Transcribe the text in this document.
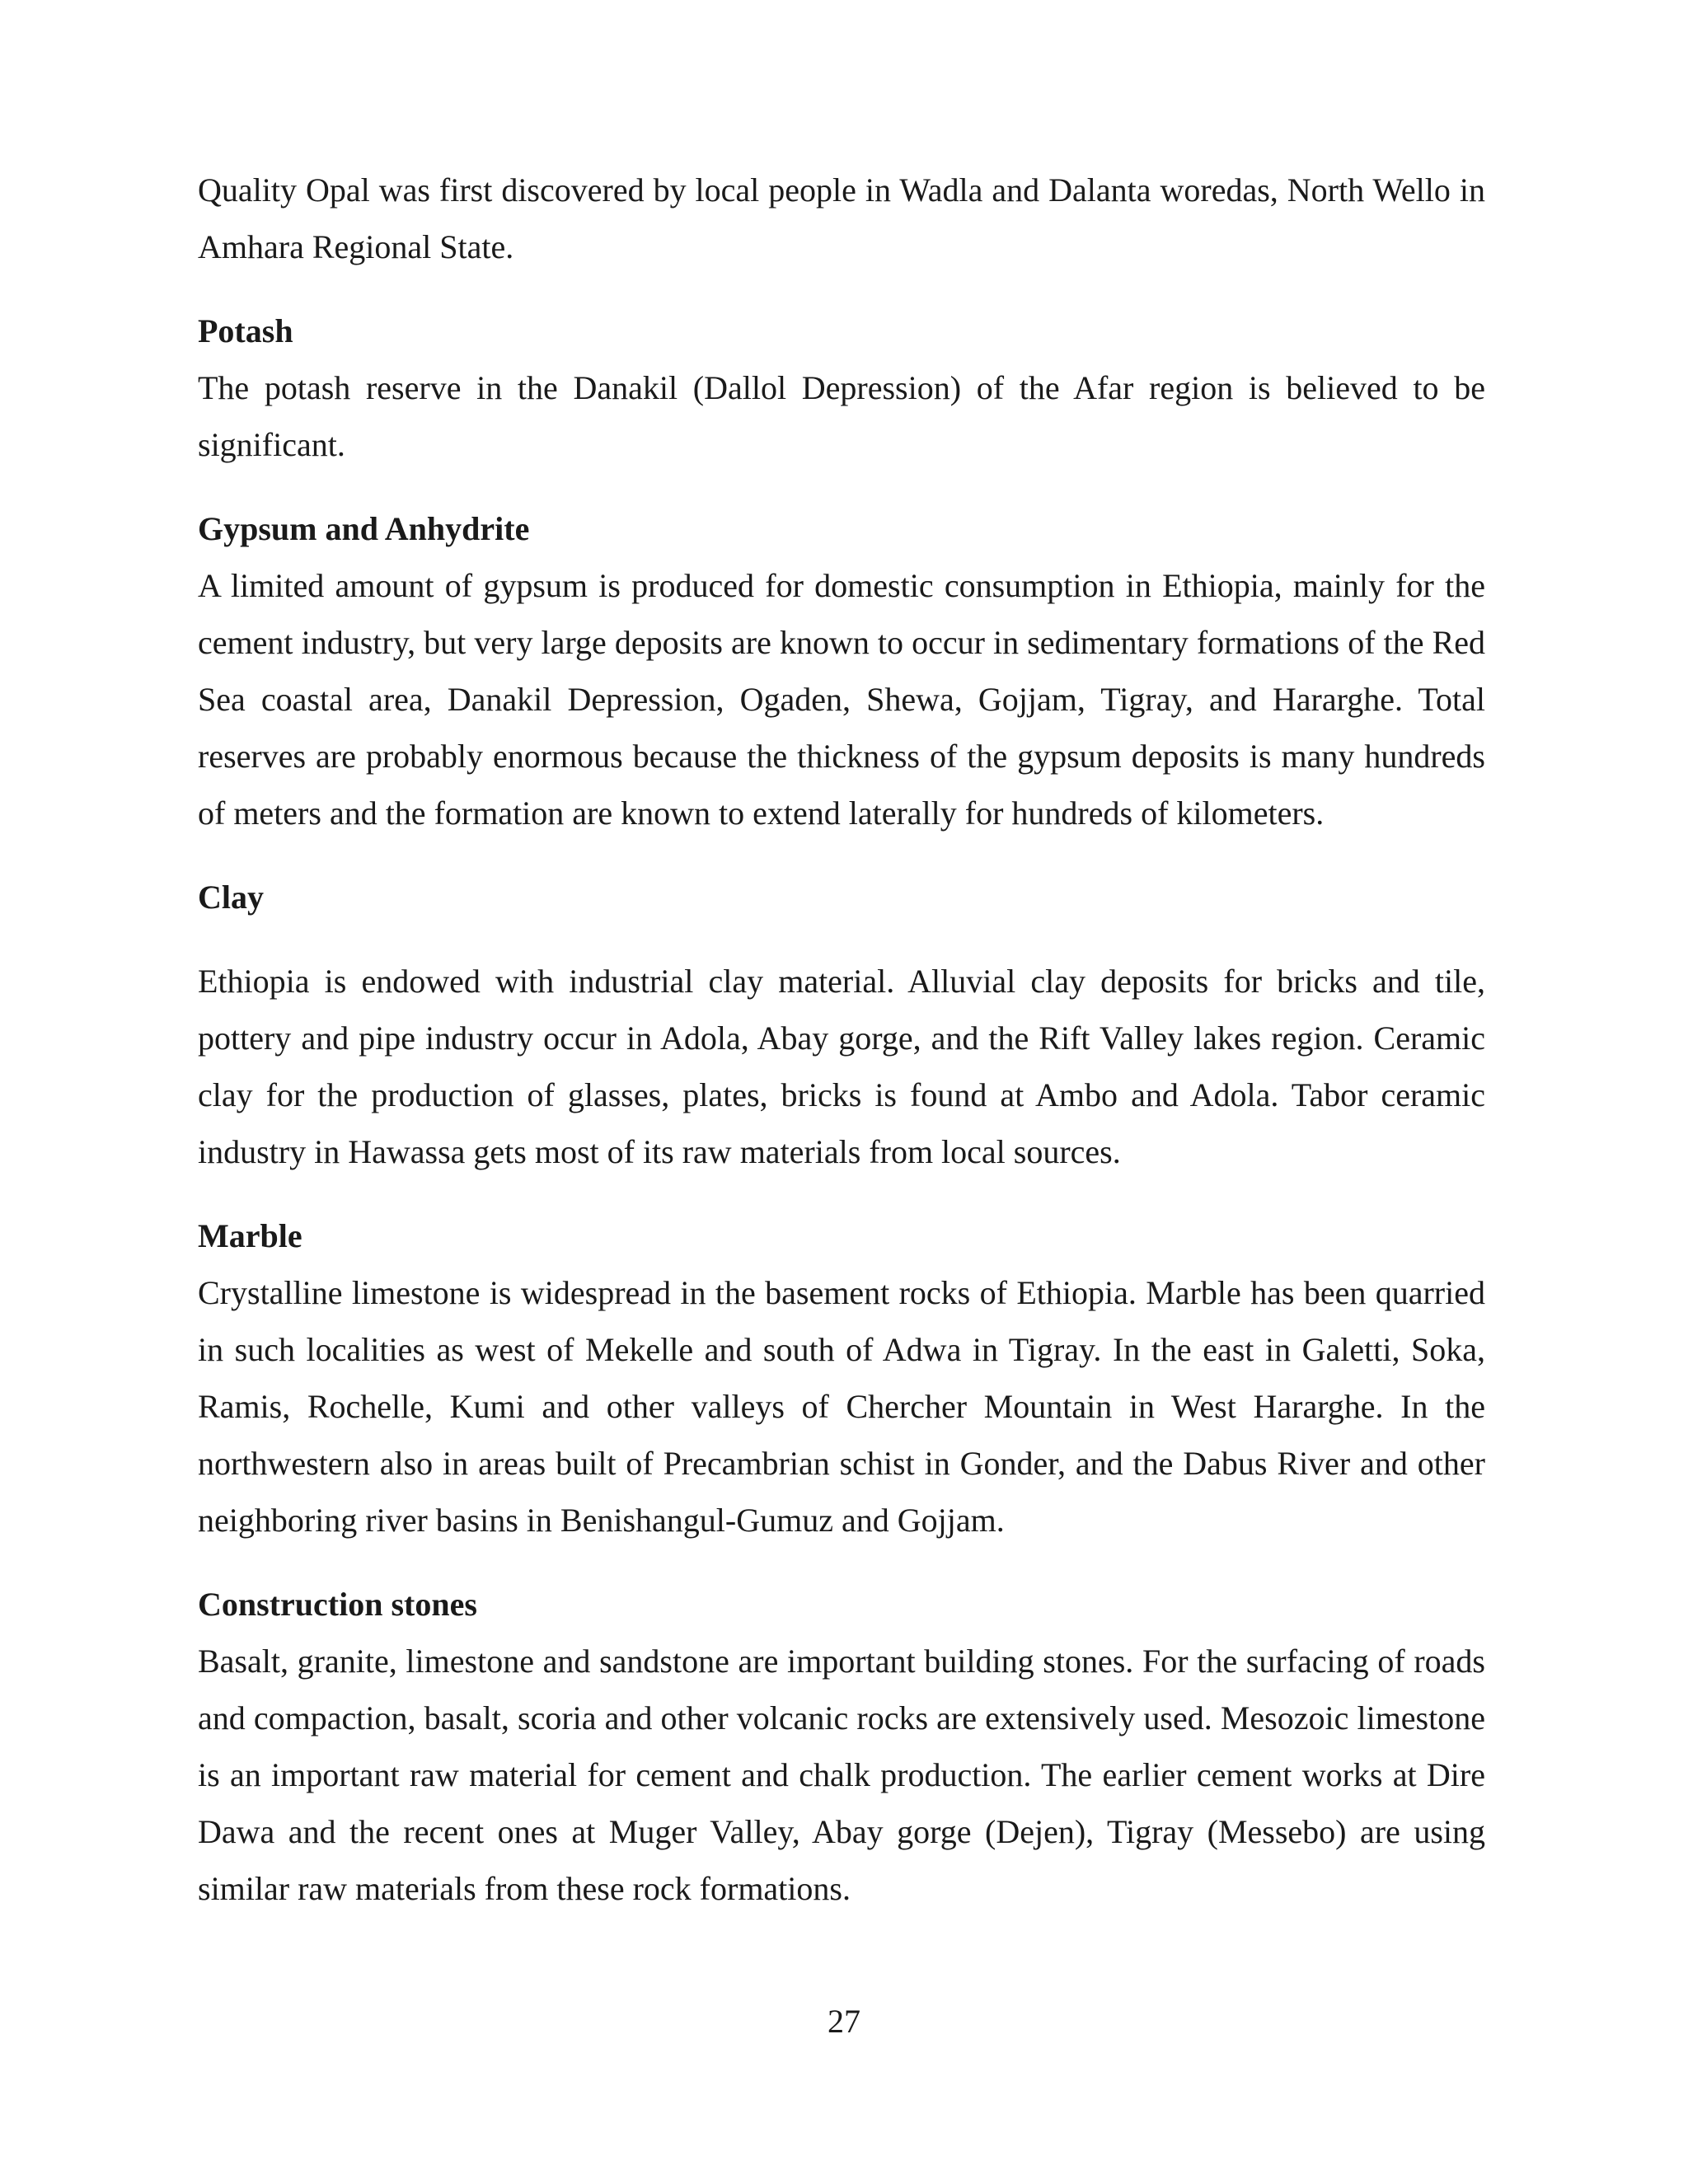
Quality Opal was first discovered by local people in Wadla and Dalanta woredas, North Wello in Amhara Regional State.

Potash

The potash reserve in the Danakil (Dallol Depression) of the Afar region is believed to be significant.

Gypsum and Anhydrite

A limited amount of gypsum is produced for domestic consumption in Ethiopia, mainly for the cement industry, but very large deposits are known to occur in sedimentary formations of the Red Sea coastal area, Danakil Depression, Ogaden, Shewa, Gojjam, Tigray, and Hararghe. Total reserves are probably enormous because the thickness of the gypsum deposits is many hundreds of meters and the formation are known to extend laterally for hundreds of kilometers.

Clay

Ethiopia is endowed with industrial clay material. Alluvial clay deposits for bricks and tile, pottery and pipe industry occur in Adola, Abay gorge, and the Rift Valley lakes region. Ceramic clay for the production of glasses, plates, bricks is found at Ambo and Adola. Tabor ceramic industry in Hawassa gets most of its raw materials from local sources.

Marble

Crystalline limestone is widespread in the basement rocks of Ethiopia. Marble has been quarried in such localities as west of Mekelle and south of Adwa in Tigray. In the east in Galetti, Soka, Ramis, Rochelle, Kumi and other valleys of Chercher Mountain in West Hararghe. In the northwestern also in areas built of Precambrian schist in Gonder, and the Dabus River and other neighboring river basins in Benishangul-Gumuz and Gojjam.

Construction stones

Basalt, granite, limestone and sandstone are important building stones. For the surfacing of roads and compaction, basalt, scoria and other volcanic rocks are extensively used. Mesozoic limestone is an important raw material for cement and chalk production. The earlier cement works at Dire Dawa and the recent ones at Muger Valley, Abay gorge (Dejen), Tigray (Messebo) are using similar raw materials from these rock formations.

27
